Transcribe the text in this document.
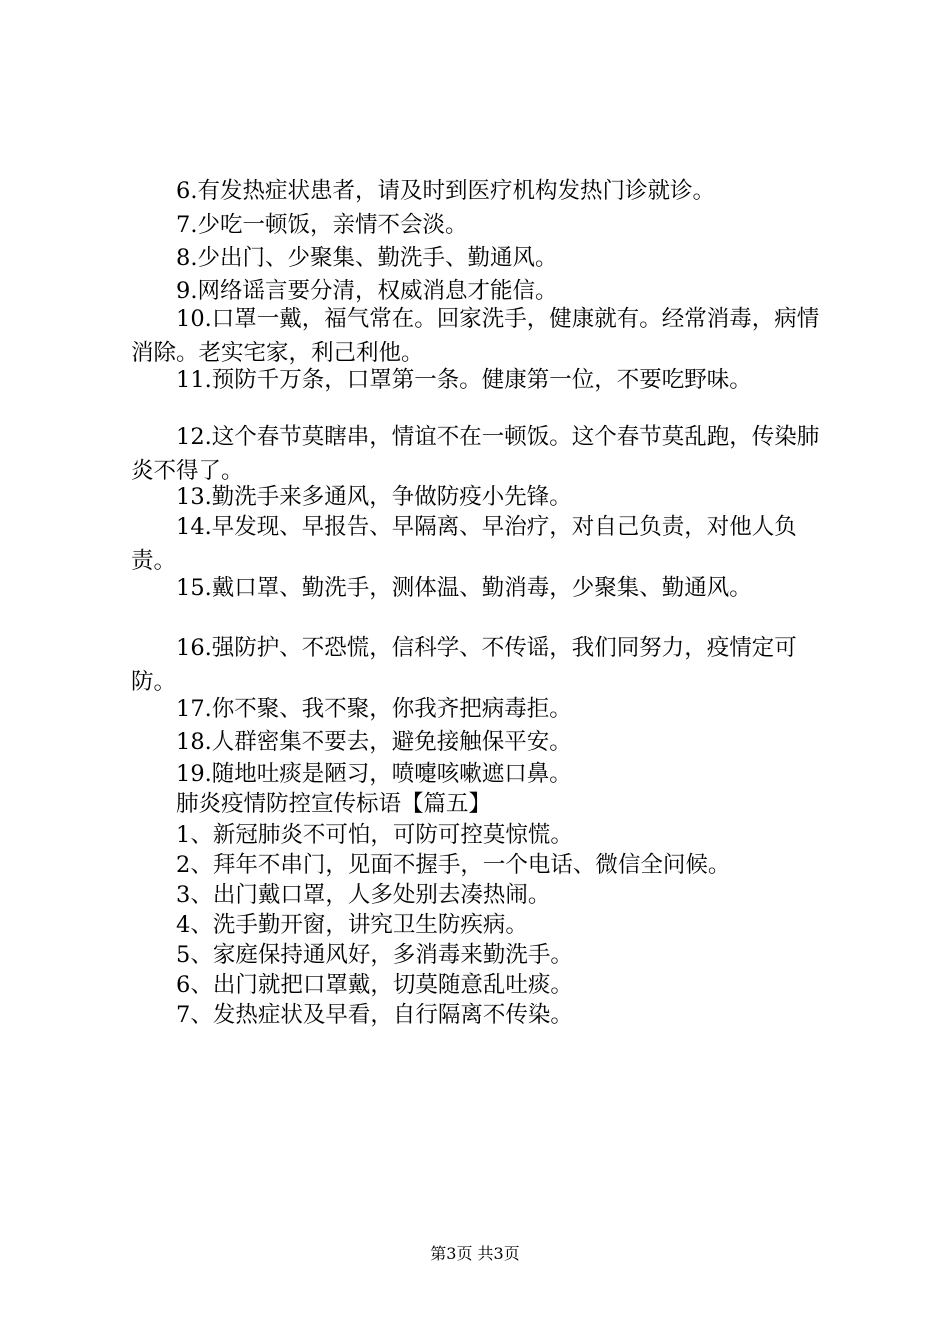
6.有发热症状患者，请及时到医疗机构发热门诊就诊。

7.少吃一顿饭，亲情不会淡。

8.少出门、少聚集、勤洗手、勤通风。

9.网络谣言要分清，权威消息才能信。

10.口罩一戴，福气常在。回家洗手，健康就有。经常消毒，病情消除。老实宅家，利己利他。

11.预防千万条，口罩第一条。健康第一位，不要吃野味。

12.这个春节莫瞎串，情谊不在一顿饭。这个春节莫乱跑，传染肺炎不得了。

13.勤洗手来多通风，争做防疫小先锋。

14.早发现、早报告、早隔离、早治疗，对自己负责，对他人负责。

15.戴口罩、勤洗手，测体温、勤消毒，少聚集、勤通风。

16.强防护、不恐慌，信科学、不传谣，我们同努力，疫情定可防。

17.你不聚、我不聚，你我齐把病毒拒。

18.人群密集不要去，避免接触保平安。

19.随地吐痰是陋习，喷嚏咳嗽遮口鼻。

肺炎疫情防控宣传标语【篇五】

1、新冠肺炎不可怕，可防可控莫惊慌。

2、拜年不串门，见面不握手，一个电话、微信全问候。

3、出门戴口罩，人多处别去凑热闹。

4、洗手勤开窗，讲究卫生防疾病。

5、家庭保持通风好，多消毒来勤洗手。

6、出门就把口罩戴，切莫随意乱吐痰。

7、发热症状及早看，自行隔离不传染。

第3页 共3页
